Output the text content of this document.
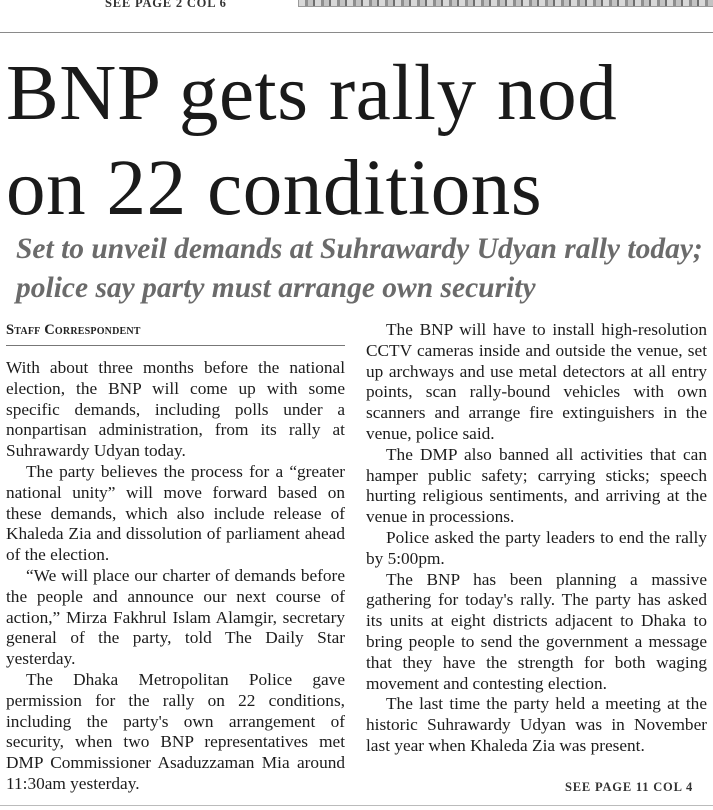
SEE PAGE 2 COL 6
BNP gets rally nod
on 22 conditions
Set to unveil demands at Suhrawardy Udyan rally today; police say party must arrange own security
Staff Correspondent

With about three months before the national election, the BNP will come up with some specific demands, including polls under a nonpartisan administration, from its rally at Suhrawardy Udyan today.

The party believes the process for a “greater national unity” will move forward based on these demands, which also include release of Khaleda Zia and dissolution of parliament ahead of the election.

“We will place our charter of demands before the people and announce our next course of action,” Mirza Fakhrul Islam Alamgir, secretary general of the party, told The Daily Star yesterday.

The Dhaka Metropolitan Police gave permission for the rally on 22 conditions, including the party's own arrangement of security, when two BNP representatives met DMP Commissioner Asaduzzaman Mia around 11:30am yesterday.

The BNP will have to install high-resolution CCTV cameras inside and outside the venue, set up archways and use metal detectors at all entry points, scan rally-bound vehicles with own scanners and arrange fire extinguishers in the venue, police said.

The DMP also banned all activities that can hamper public safety; carrying sticks; speech hurting religious sentiments, and arriving at the venue in processions.

Police asked the party leaders to end the rally by 5:00pm.

The BNP has been planning a massive gathering for today's rally. The party has asked its units at eight districts adjacent to Dhaka to bring people to send the government a message that they have the strength for both waging movement and contesting election.

The last time the party held a meeting at the historic Suhrawardy Udyan was in November last year when Khaleda Zia was present.

SEE PAGE 11 COL 4
